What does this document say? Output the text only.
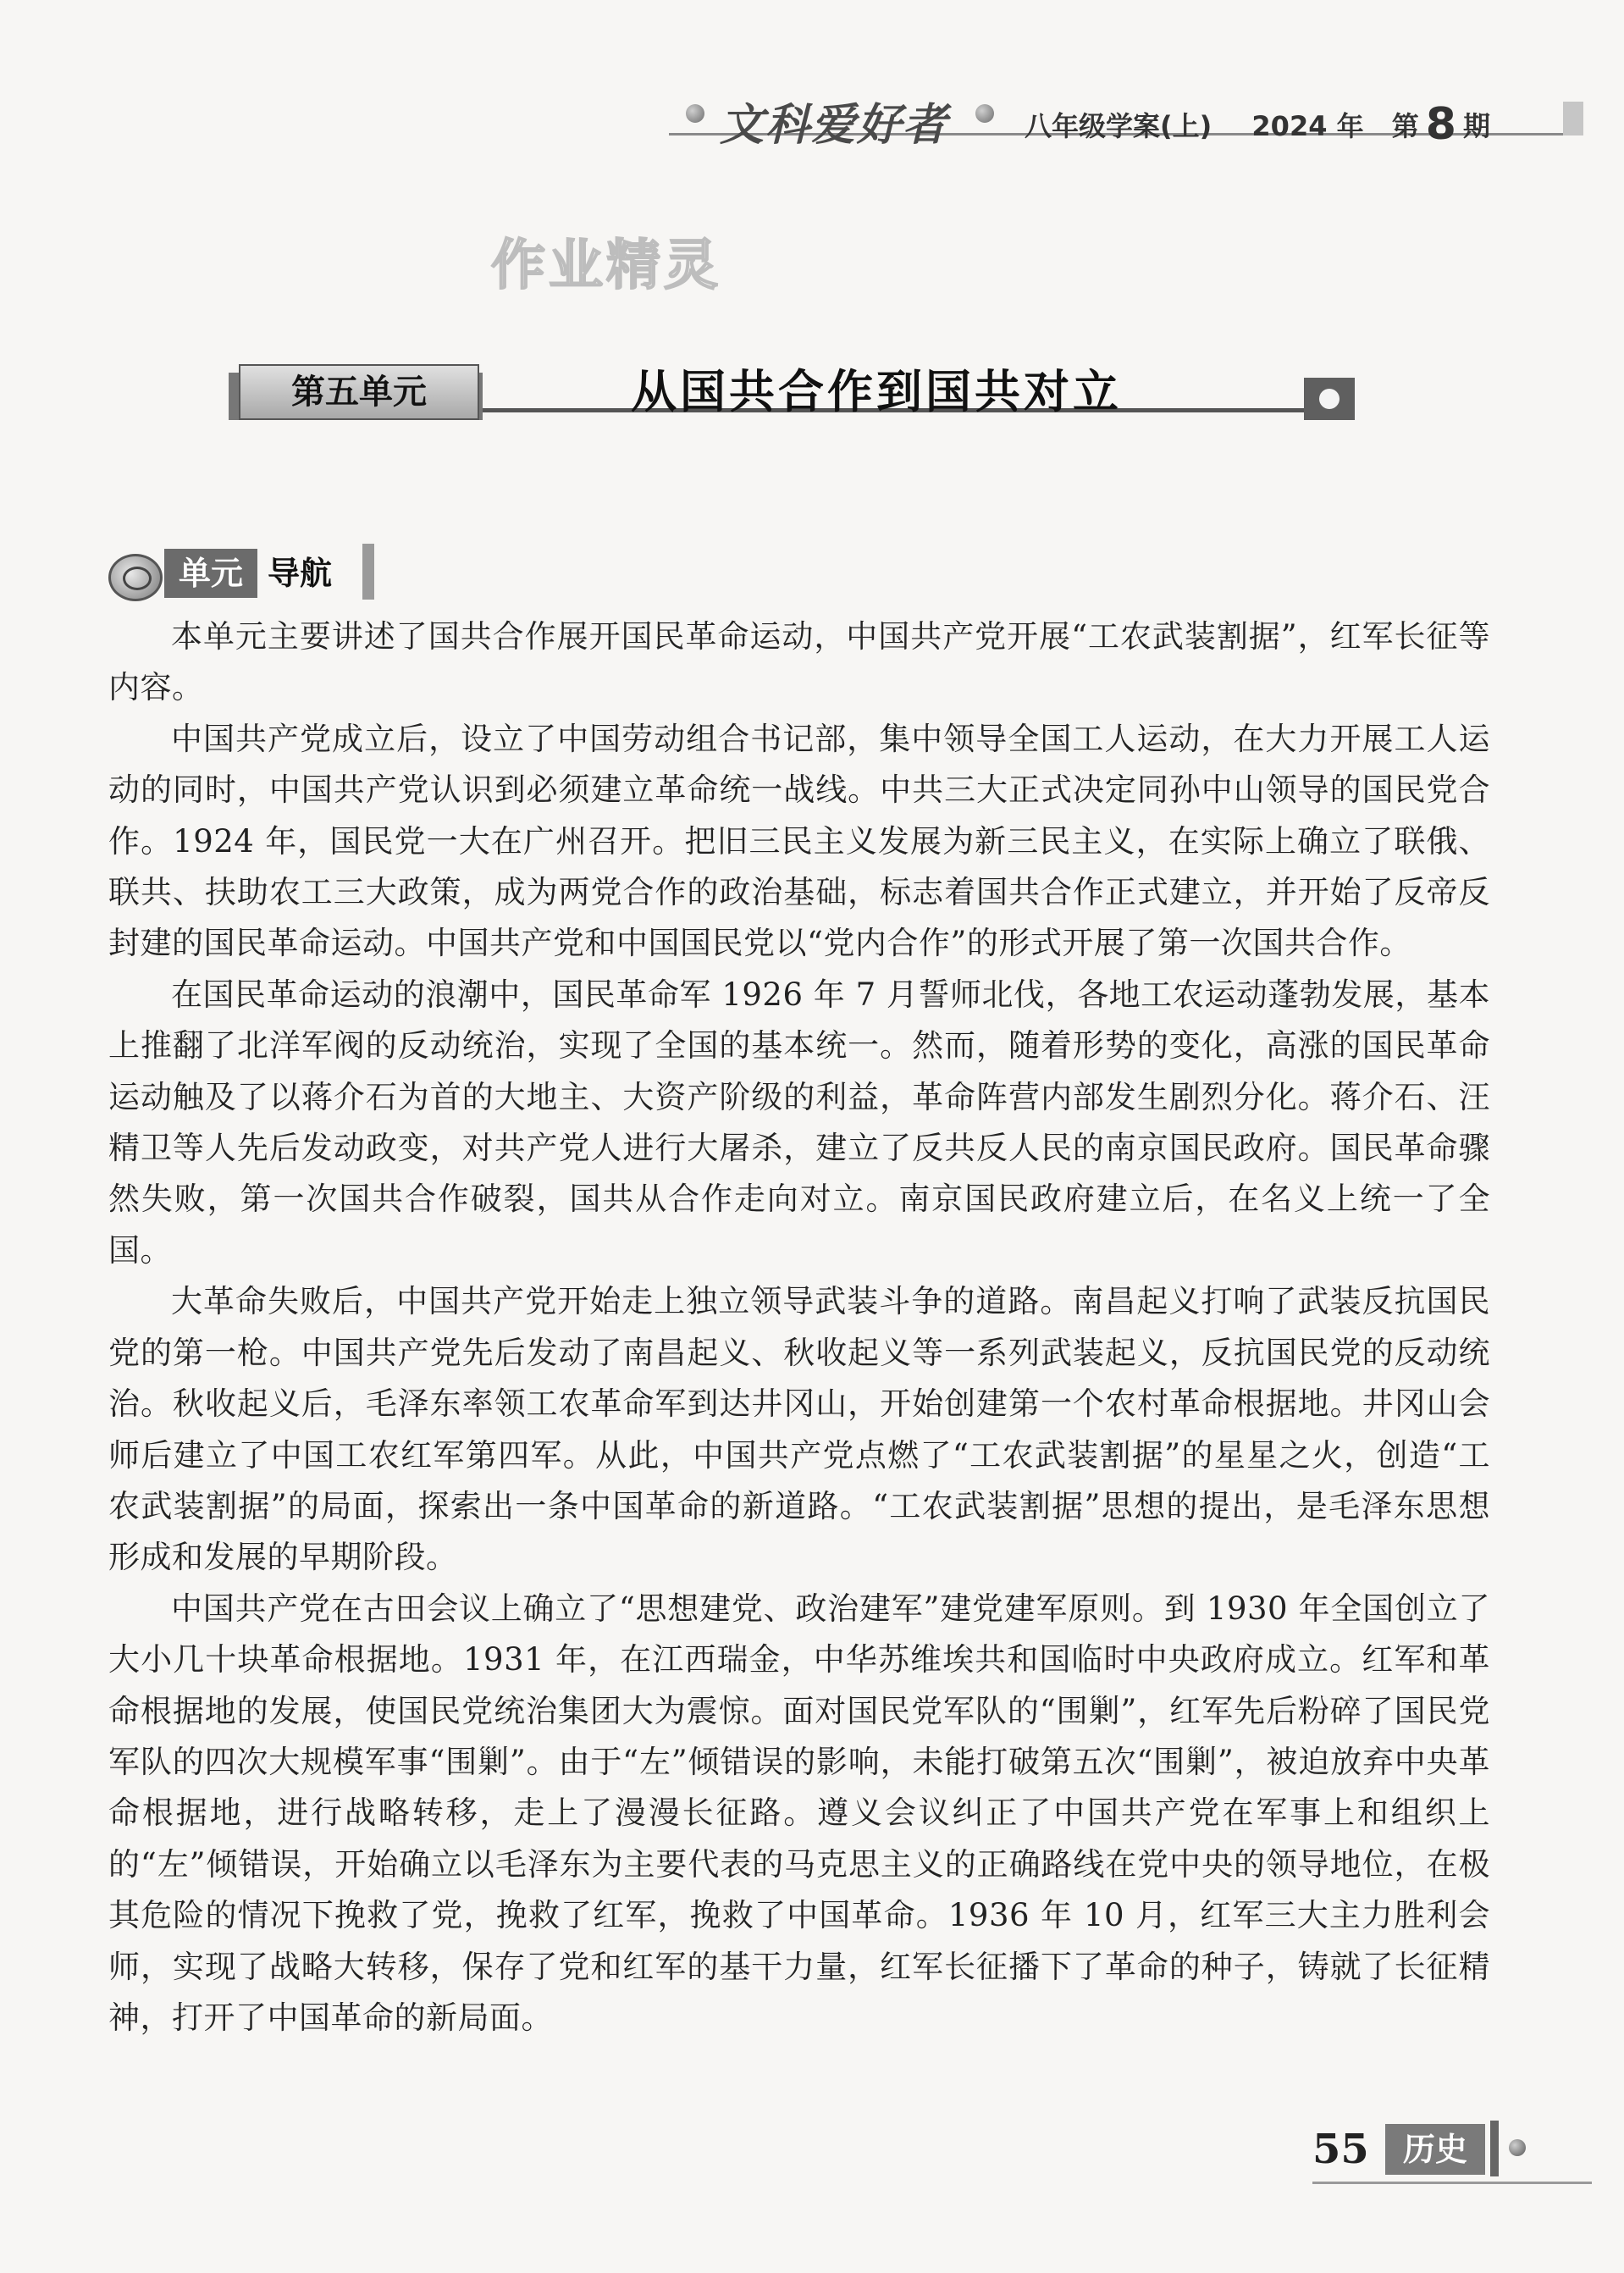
文科爱好者	八年级学案(上) 2024 年 第 8 期
作业精灵
第五单元	从国共合作到国共对立
单元 导航

本单元主要讲述了国共合作展开国民革命运动，中国共产党开展“工农武装割据”，红军长征等内容。

中国共产党成立后，设立了中国劳动组合书记部，集中领导全国工人运动，在大力开展工人运动的同时，中国共产党认识到必须建立革命统一战线。中共三大正式决定同孙中山领导的国民党合作。1924 年，国民党一大在广州召开。把旧三民主义发展为新三民主义，在实际上确立了联俄、联共、扶助农工三大政策，成为两党合作的政治基础，标志着国共合作正式建立，并开始了反帝反封建的国民革命运动。中国共产党和中国国民党以“党内合作”的形式开展了第一次国共合作。

在国民革命运动的浪潮中，国民革命军 1926 年 7 月誓师北伐，各地工农运动蓬勃发展，基本上推翻了北洋军阀的反动统治，实现了全国的基本统一。然而，随着形势的变化，高涨的国民革命运动触及了以蒋介石为首的大地主、大资产阶级的利益，革命阵营内部发生剧烈分化。蒋介石、汪精卫等人先后发动政变，对共产党人进行大屠杀，建立了反共反人民的南京国民政府。国民革命骤然失败，第一次国共合作破裂，国共从合作走向对立。南京国民政府建立后，在名义上统一了全国。

大革命失败后，中国共产党开始走上独立领导武装斗争的道路。南昌起义打响了武装反抗国民党的第一枪。中国共产党先后发动了南昌起义、秋收起义等一系列武装起义，反抗国民党的反动统治。秋收起义后，毛泽东率领工农革命军到达井冈山，开始创建第一个农村革命根据地。井冈山会师后建立了中国工农红军第四军。从此，中国共产党点燃了“工农武装割据”的星星之火，创造“工农武装割据”的局面，探索出一条中国革命的新道路。“工农武装割据”思想的提出，是毛泽东思想形成和发展的早期阶段。

中国共产党在古田会议上确立了“思想建党、政治建军”建党建军原则。到 1930 年全国创立了大小几十块革命根据地。1931 年，在江西瑞金，中华苏维埃共和国临时中央政府成立。红军和革命根据地的发展，使国民党统治集团大为震惊。面对国民党军队的“围剿”，红军先后粉碎了国民党军队的四次大规模军事“围剿”。由于“左”倾错误的影响，未能打破第五次“围剿”，被迫放弃中央革命根据地，进行战略转移，走上了漫漫长征路。遵义会议纠正了中国共产党在军事上和组织上的“左”倾错误，开始确立以毛泽东为主要代表的马克思主义的正确路线在党中央的领导地位，在极其危险的情况下挽救了党，挽救了红军，挽救了中国革命。1936 年 10 月，红军三大主力胜利会师，实现了战略大转移，保存了党和红军的基干力量，红军长征播下了革命的种子，铸就了长征精神，打开了中国革命的新局面。

55	历史
